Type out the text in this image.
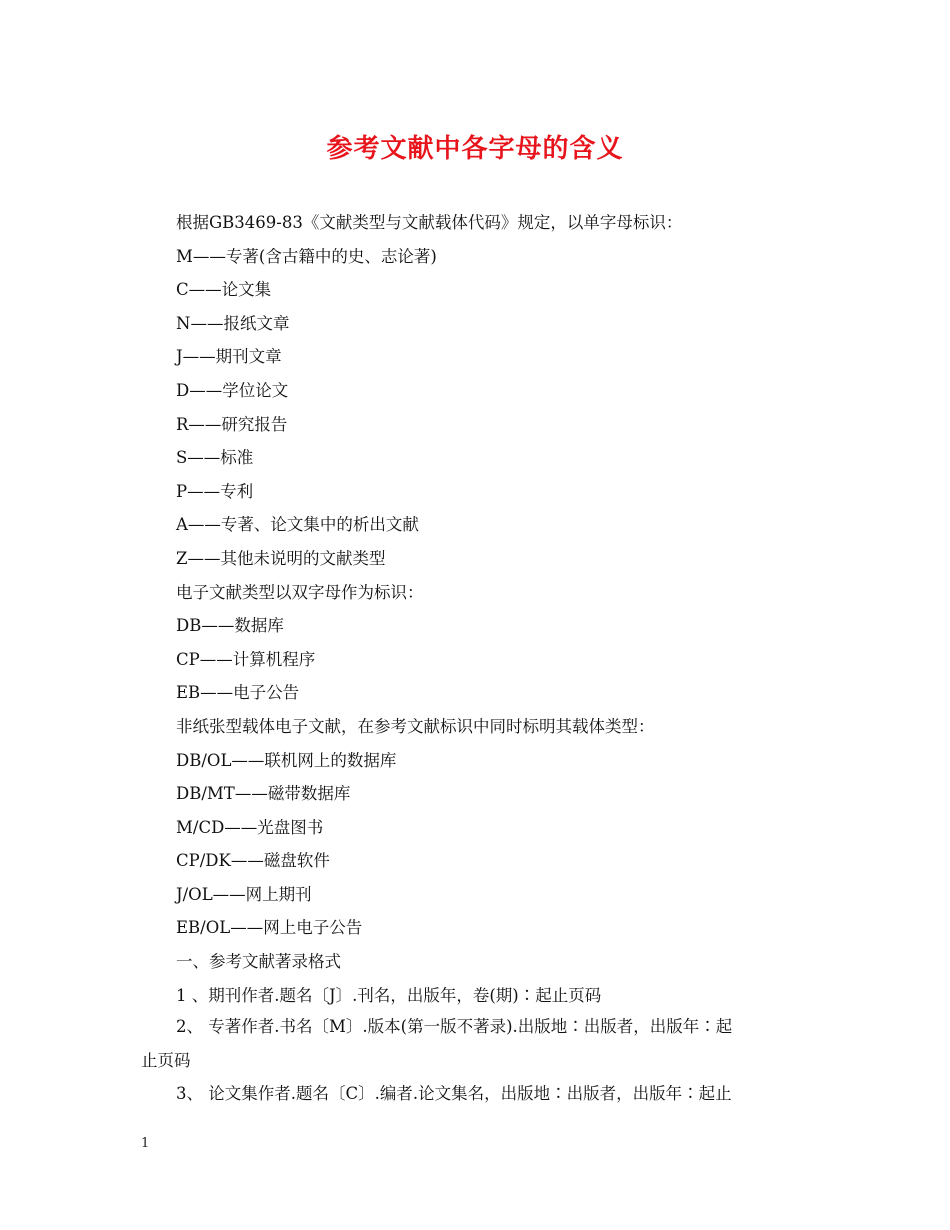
参考文献中各字母的含义
根据GB3469-83《文献类型与文献载体代码》规定，以单字母标识：
M——专著(含古籍中的史、志论著)
C——论文集
N——报纸文章
J——期刊文章
D——学位论文
R——研究报告
S——标准
P——专利
A——专著、论文集中的析出文献
Z——其他未说明的文献类型
电子文献类型以双字母作为标识：
DB——数据库
CP——计算机程序
EB——电子公告
非纸张型载体电子文献，在参考文献标识中同时标明其载体类型：
DB/OL——联机网上的数据库
DB/MT——磁带数据库
M/CD——光盘图书
CP/DK——磁盘软件
J/OL——网上期刊
EB/OL——网上电子公告
一、参考文献著录格式
1 、期刊作者.题名〔J〕.刊名，出版年，卷(期)∶起止页码
2、 专著作者.书名〔M〕.版本(第一版不著录).出版地∶出版者，出版年∶起
止页码
3、 论文集作者.题名〔C〕.编者.论文集名，出版地∶出版者，出版年∶起止
1
